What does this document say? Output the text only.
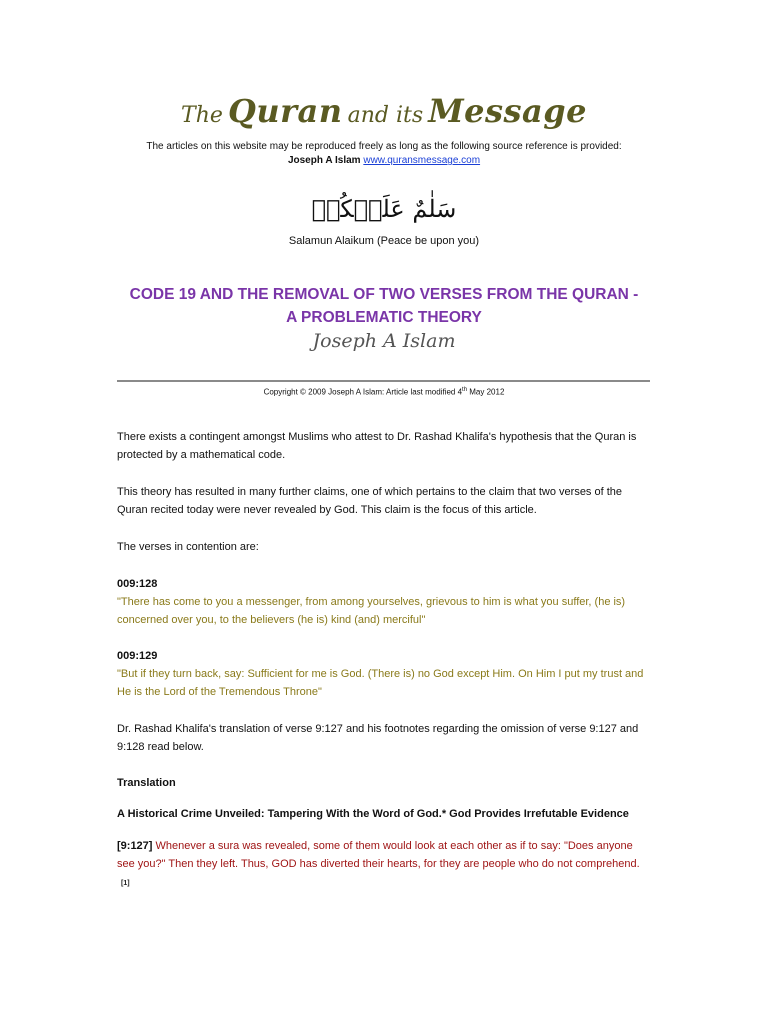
The Quran and its Message
The articles on this website may be reproduced freely as long as the following source reference is provided:
Joseph A Islam www.quransmessage.com
سَلٰمٌ عَلَيۡكُمۡ
Salamun Alaikum (Peace be upon you)
CODE 19 AND THE REMOVAL OF TWO VERSES FROM THE QURAN -
A PROBLEMATIC THEORY
Joseph A Islam
Copyright © 2009 Joseph A Islam: Article last modified 4th May 2012
There exists a contingent amongst Muslims who attest to Dr. Rashad Khalifa's hypothesis that the Quran is protected by a mathematical code.
This theory has resulted in many further claims, one of which pertains to the claim that two verses of the Quran recited today were never revealed by God. This claim is the focus of this article.
The verses in contention are:
009:128
"There has come to you a messenger, from among yourselves, grievous to him is what you suffer, (he is) concerned over you, to the believers (he is) kind (and) merciful"
009:129
"But if they turn back, say: Sufficient for me is God. (There is) no God except Him. On Him I put my trust and He is the Lord of the Tremendous Throne"
Dr. Rashad Khalifa's translation of verse 9:127 and his footnotes regarding the omission of verse 9:127 and 9:128 read below.
Translation
A Historical Crime Unveiled: Tampering With the Word of God.* God Provides Irrefutable Evidence
[9:127] Whenever a sura was revealed, some of them would look at each other as if to say: "Does anyone see you?" Then they left. Thus, GOD has diverted their hearts, for they are people who do not comprehend. [1]
